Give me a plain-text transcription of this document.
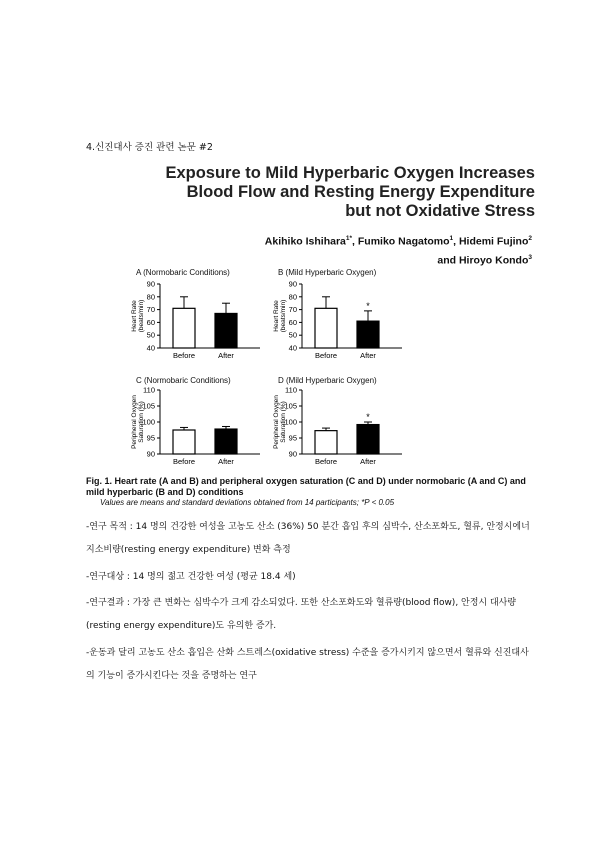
4.신진대사 증진 관련 논문 #2
Exposure to Mild Hyperbaric Oxygen Increases
Blood Flow and Resting Energy Expenditure
but not Oxidative Stress
Akihiko Ishihara$^{1*}$, Fumiko Nagatomo$^1$, Hidemi Fujino$^2$
and Hiroyo Kondo$^3$
A (Normobaric Conditions)	B (Mild Hyperbaric Oxygen)
C (Normobaric Conditions)	D (Mild Hyperbaric Oxygen)
Heart Rate (beats/min)
40
50
60
70
80
90
Before	After
Heart Rate (beats/min)
40
50
60
70
80
90
Before
*
After
Peripheral Oxygen Saturation (%)
90
95
100
105
110
Before	After
Peripheral Oxygen Saturation (%)
90
95
100
105
110
Before
*
After
Fig. 1. Heart rate (A and B) and peripheral oxygen saturation (C and D) under normobaric (A and C) and mild hyperbaric (B and D) conditions
Values are means and standard deviations obtained from 14 participants; *P < 0.05
-연구 목적 : 14 명의 건강한 여성을 고농도 산소 (36%) 50 분간 흡입 후의 심박수, 산소포화도, 혈류, 안정시에너지소비량(resting energy expenditure) 변화 측정
-연구대상 : 14 명의 젊고 건강한 여성 (평균 18.4 세)
-연구결과 : 가장 큰 변화는 심박수가 크게 감소되었다. 또한 산소포화도와 혈류량(blood flow), 안정시 대사량(resting energy expenditure)도 유의한 증가.
-운동과 달리 고농도 산소 흡입은 산화 스트레스(oxidative stress) 수준을 증가시키지 않으면서 혈류와 신진대사의 기능이 증가시킨다는 것을 증명하는 연구
